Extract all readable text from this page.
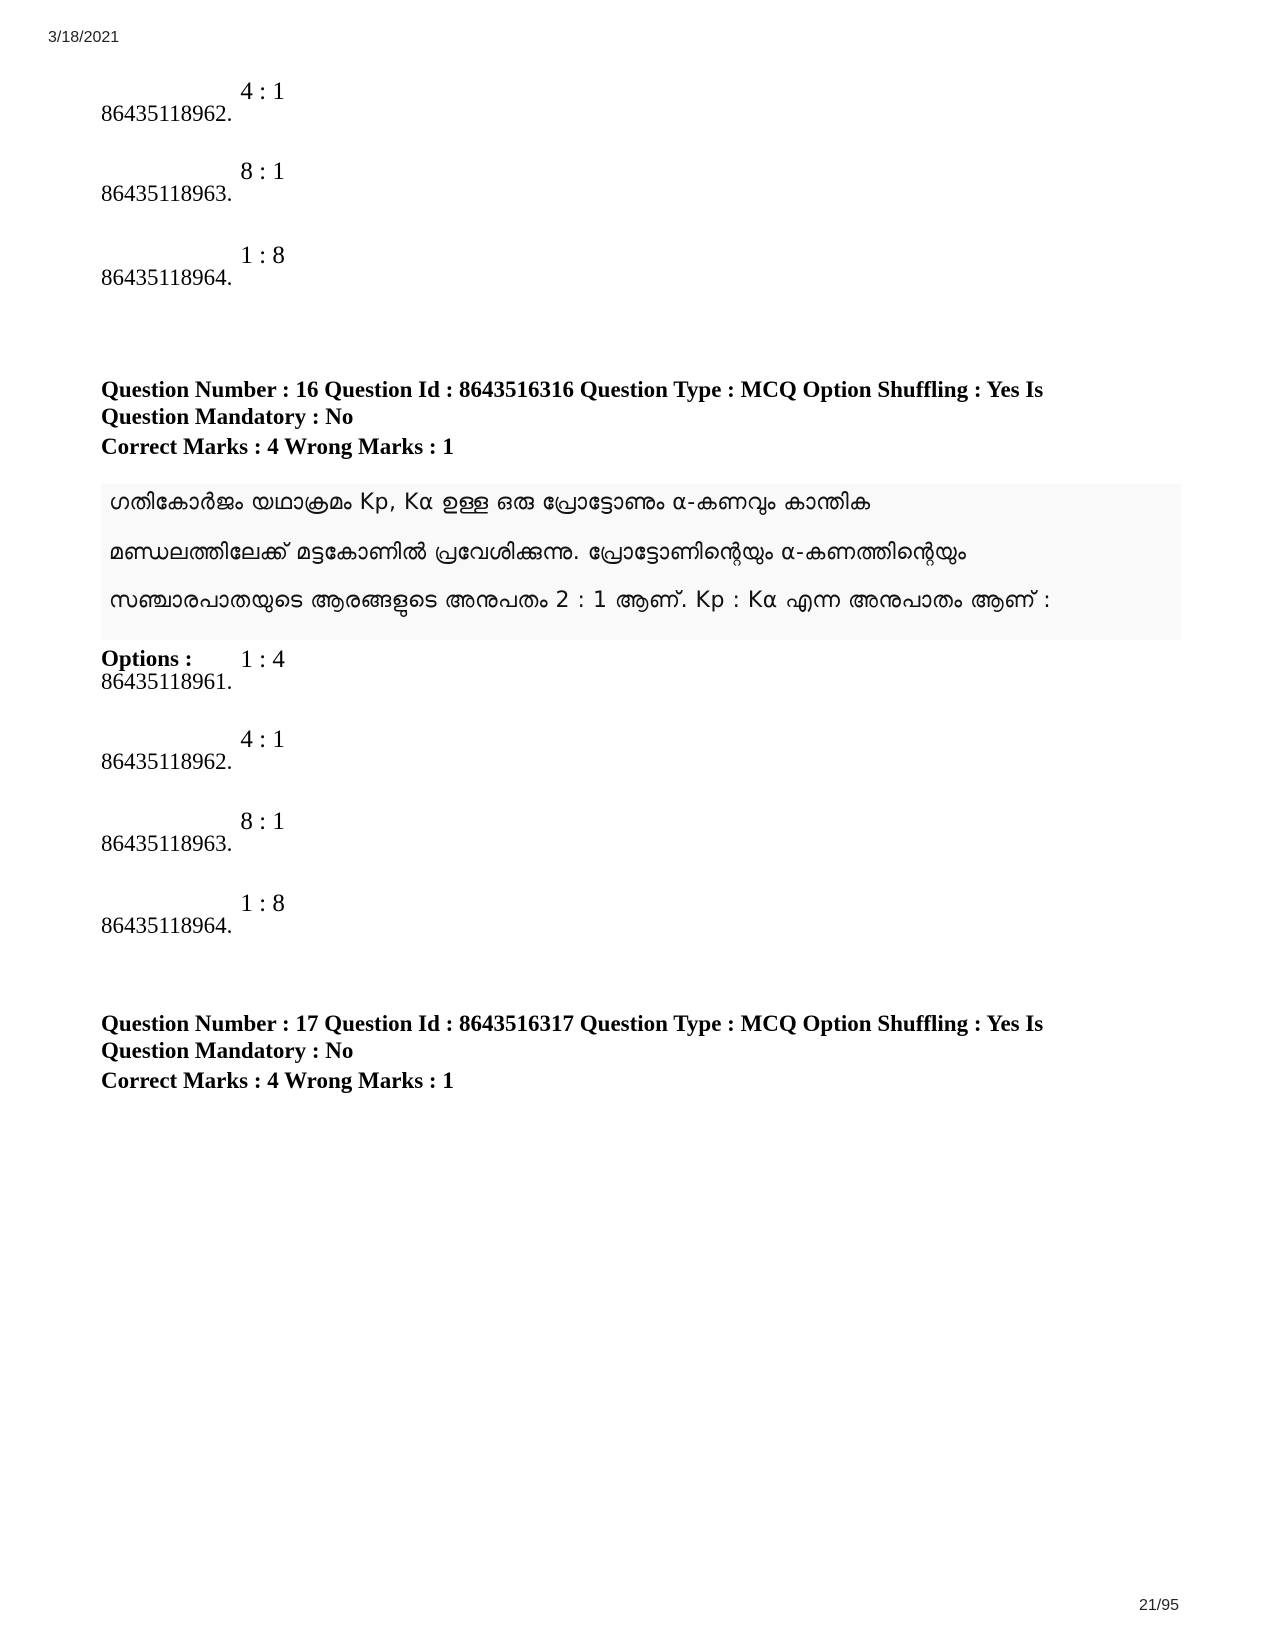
3/18/2021
86435118962.4 : 1
86435118963.8 : 1
86435118964.1 : 8
Question Number : 16 Question Id : 8643516316 Question Type : MCQ Option Shuffling : Yes Is
Question Mandatory : No
Correct Marks : 4 Wrong Marks : 1
ഗതികോർജം യഥാക്രമം Kp, Kα ഉള്ള ഒരു പ്രോട്ടോണും α-കണവും കാന്തിക
മണ്ഡലത്തിലേക്ക് മട്ടകോണിൽ പ്രവേശിക്കുന്നു. പ്രോട്ടോണിന്റെയും α-കണത്തിന്റെയും
സഞ്ചാരപാതയുടെ ആരങ്ങളുടെ അനുപതം 2 : 1 ആണ്. Kp : Kα എന്ന അനുപാതം ആണ് :
Options :
86435118961.1 : 4
86435118962.4 : 1
86435118963.8 : 1
86435118964.1 : 8
Question Number : 17 Question Id : 8643516317 Question Type : MCQ Option Shuffling : Yes Is
Question Mandatory : No
Correct Marks : 4 Wrong Marks : 1
21/95
